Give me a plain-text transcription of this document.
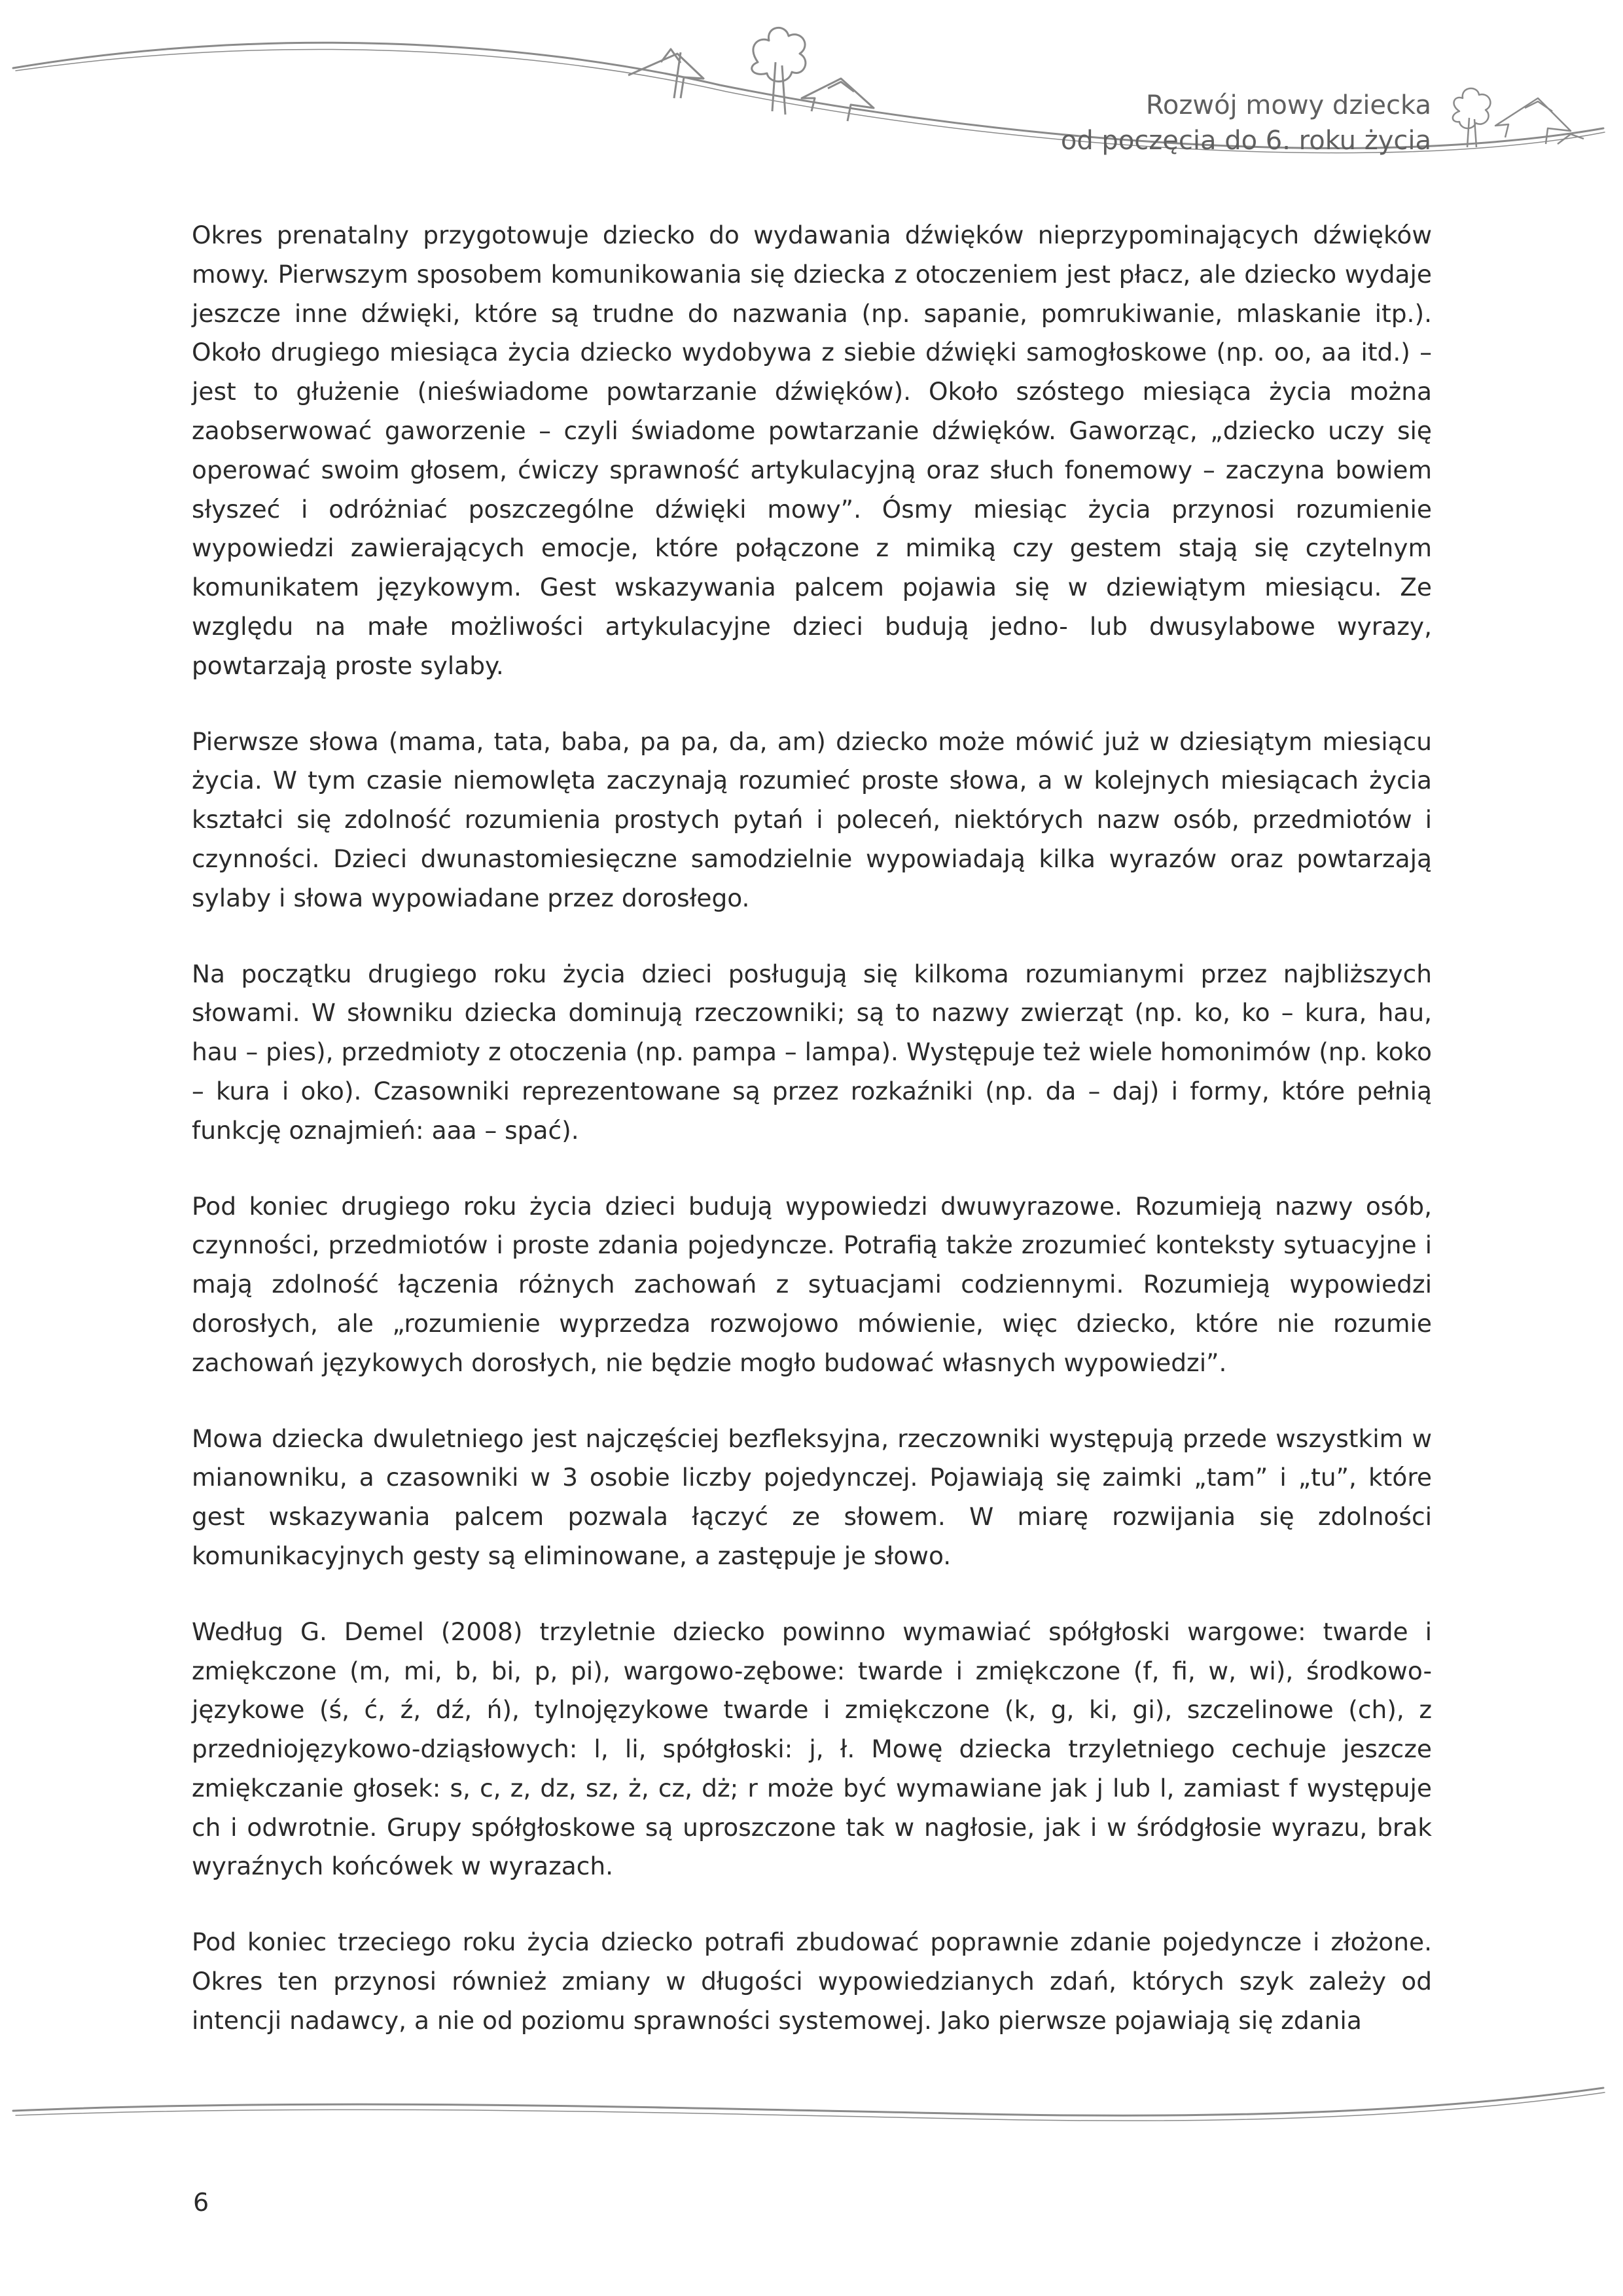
Rozwój mowy dziecka
od poczęcia do 6. roku życia

Okres prenatalny przygotowuje dziecko do wydawania dźwięków nieprzypominających dźwięków mowy. Pierwszym sposobem komunikowania się dziecka z otoczeniem jest płacz, ale dziecko wydaje jeszcze inne dźwięki, które są trudne do nazwania (np. sapanie, pomrukiwanie, mlaskanie itp.). Około drugiego miesiąca życia dziecko wydobywa z siebie dźwięki samogłoskowe (np. oo, aa itd.) – jest to głużenie (nieświadome powtarzanie dźwięków). Około szóstego miesiąca życia można zaobserwować gaworzenie – czyli świadome powtarzanie dźwięków. Gaworząc, „dziecko uczy się operować swoim głosem, ćwiczy sprawność artykulacyjną oraz słuch fonemowy – zaczyna bowiem słyszeć i odróżniać poszczególne dźwięki mowy”. Ósmy miesiąc życia przynosi rozumienie wypowiedzi zawierających emocje, które połączone z mimiką czy gestem stają się czytelnym komunikatem językowym. Gest wskazywania palcem pojawia się w dziewiątym miesiącu. Ze względu na małe możliwości artykulacyjne dzieci budują jedno- lub dwusylabowe wyrazy, powtarzają proste sylaby.

Pierwsze słowa (mama, tata, baba, pa pa, da, am) dziecko może mówić już w dziesiątym miesiącu życia. W tym czasie niemowlęta zaczynają rozumieć proste słowa, a w kolejnych miesiącach życia kształci się zdolność rozumienia prostych pytań i poleceń, niektórych nazw osób, przedmiotów i czynności. Dzieci dwunastomiesięczne samodzielnie wypowiadają kilka wyrazów oraz powtarzają sylaby i słowa wypowiadane przez dorosłego.

Na początku drugiego roku życia dzieci posługują się kilkoma rozumianymi przez najbliższych słowami. W słowniku dziecka dominują rzeczowniki; są to nazwy zwierząt (np. ko, ko – kura, hau, hau – pies), przedmioty z otoczenia (np. pampa – lampa). Występuje też wiele homonimów (np. koko – kura i oko). Czasowniki reprezentowane są przez rozkaźniki (np. da – daj) i formy, które pełnią funkcję oznajmień: aaa – spać).

Pod koniec drugiego roku życia dzieci budują wypowiedzi dwuwyrazowe. Rozumieją nazwy osób, czynności, przedmiotów i proste zdania pojedyncze. Potrafią także zrozumieć konteksty sytuacyjne i mają zdolność łączenia różnych zachowań z sytuacjami codziennymi. Rozumieją wypowiedzi dorosłych, ale „rozumienie wyprzedza rozwojowo mówienie, więc dziecko, które nie rozumie zachowań językowych dorosłych, nie będzie mogło budować własnych wypowiedzi”.

Mowa dziecka dwuletniego jest najczęściej bezfleksyjna, rzeczowniki występują przede wszystkim w mianowniku, a czasowniki w 3 osobie liczby pojedynczej. Pojawiają się zaimki „tam” i „tu”, które gest wskazywania palcem pozwala łączyć ze słowem. W miarę rozwijania się zdolności komunikacyjnych gesty są eliminowane, a zastępuje je słowo.

Według G. Demel (2008) trzyletnie dziecko powinno wymawiać spółgłoski wargowe: twarde i zmiękczone (m, mi, b, bi, p, pi), wargowo-zębowe: twarde i zmiękczone (f, fi, w, wi), środkowo-językowe (ś, ć, ź, dź, ń), tylnojęzykowe twarde i zmiękczone (k, g, ki, gi), szczelinowe (ch), z przedniojęzykowo-dziąsłowych: l, li, spółgłoski: j, ł. Mowę dziecka trzyletniego cechuje jeszcze zmiękczanie głosek: s, c, z, dz, sz, ż, cz, dż; r może być wymawiane jak j lub l, zamiast f występuje ch i odwrotnie. Grupy spółgłoskowe są uproszczone tak w nagłosie, jak i w śródgłosie wyrazu, brak wyraźnych końcówek w wyrazach.

Pod koniec trzeciego roku życia dziecko potrafi zbudować poprawnie zdanie pojedyncze i złożone. Okres ten przynosi również zmiany w długości wypowiedzianych zdań, których szyk zależy od intencji nadawcy, a nie od poziomu sprawności systemowej. Jako pierwsze pojawiają się zdania

6
